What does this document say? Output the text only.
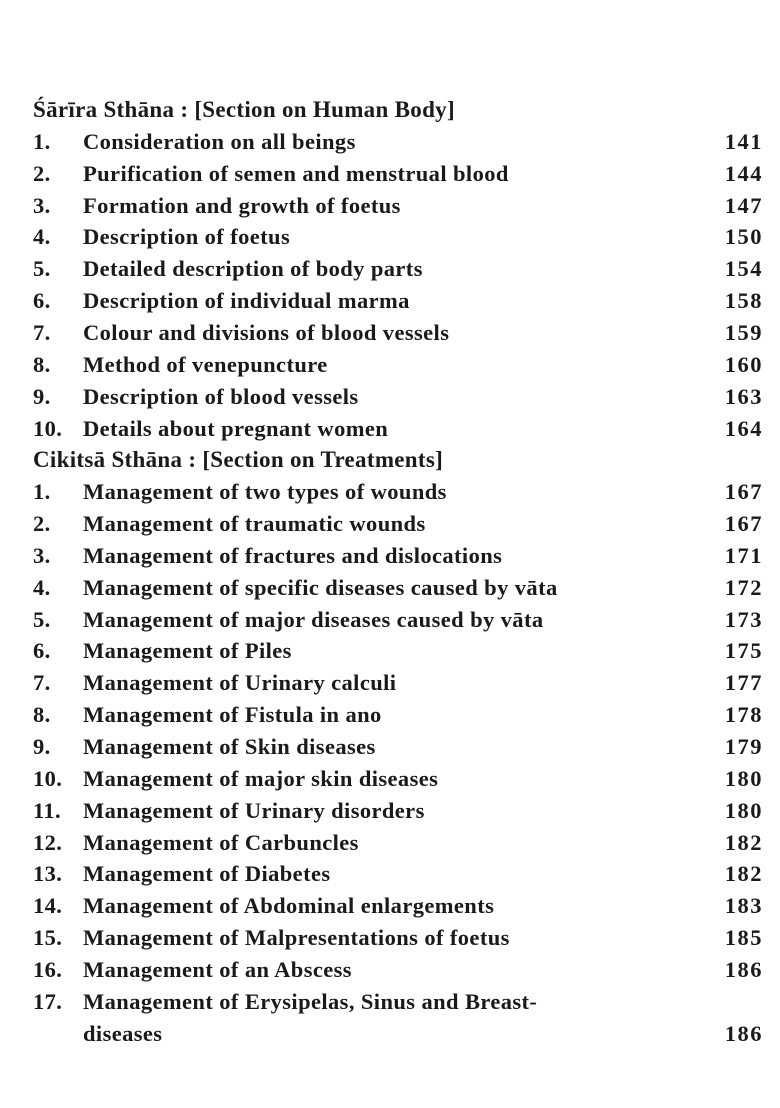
Śārīra Sthāna : [Section on Human Body]
1. Consideration on all beings	141
2. Purification of semen and menstrual blood	144
3. Formation and growth of foetus	147
4. Description of foetus	150
5. Detailed description of body parts	154
6. Description of individual marma	158
7. Colour and divisions of blood vessels	159
8. Method of venepuncture	160
9. Description of blood vessels	163
10. Details about pregnant women	164
Cikitsā Sthāna : [Section on Treatments]
1. Management of two types of wounds	167
2. Management of traumatic wounds	167
3. Management of fractures and dislocations	171
4. Management of specific diseases caused by vāta	172
5. Management of major diseases caused by vāta	173
6. Management of Piles	175
7. Management of Urinary calculi	177
8. Management of Fistula in ano	178
9. Management of Skin diseases	179
10. Management of major skin diseases	180
11. Management of Urinary disorders	180
12. Management of Carbuncles	182
13. Management of Diabetes	182
14. Management of Abdominal enlargements	183
15. Management of Malpresentations of foetus	185
16. Management of an Abscess	186
17. Management of Erysipelas, Sinus and Breast-
diseases	186
